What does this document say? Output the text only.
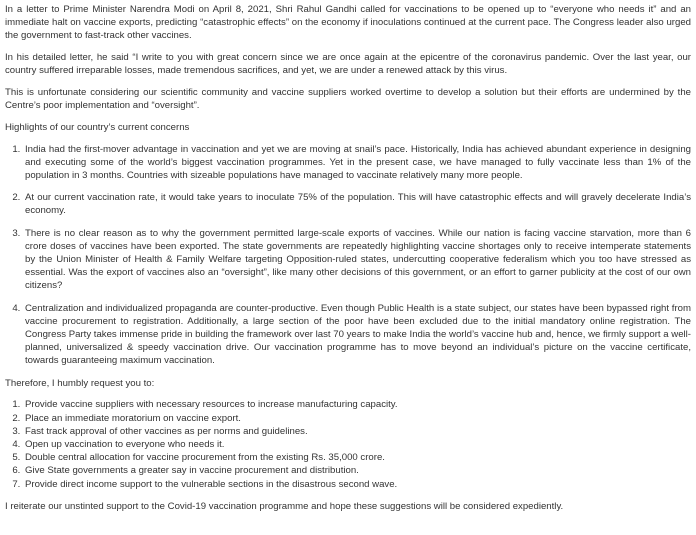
In a letter to Prime Minister Narendra Modi on April 8, 2021, Shri Rahul Gandhi called for vaccinations to be opened up to “everyone who needs it” and an immediate halt on vaccine exports, predicting “catastrophic effects” on the economy if inoculations continued at the current pace. The Congress leader also urged the government to fast-track other vaccines.

In his detailed letter, he said “I write to you with great concern since we are once again at the epicentre of the coronavirus pandemic. Over the last year, our country suffered irreparable losses, made tremendous sacrifices, and yet, we are under a renewed attack by this virus.

This is unfortunate considering our scientific community and vaccine suppliers worked overtime to develop a solution but their efforts are undermined by the Centre’s poor implementation and “oversight”.

Highlights of our country’s current concerns

1. India had the first-mover advantage in vaccination and yet we are moving at snail’s pace. Historically, India has achieved abundant experience in designing and executing some of the world’s biggest vaccination programmes. Yet in the present case, we have managed to fully vaccinate less than 1% of the population in 3 months. Countries with sizeable populations have managed to vaccinate relatively many more people.
2. At our current vaccination rate, it would take years to inoculate 75% of the population. This will have catastrophic effects and will gravely decelerate India’s economy.
3. There is no clear reason as to why the government permitted large-scale exports of vaccines. While our nation is facing vaccine starvation, more than 6 crore doses of vaccines have been exported. The state governments are repeatedly highlighting vaccine shortages only to receive intemperate statements by the Union Minister of Health & Family Welfare targeting Opposition-ruled states, undercutting cooperative federalism which you too have stressed as essential. Was the export of vaccines also an “oversight”, like many other decisions of this government, or an effort to garner publicity at the cost of our own citizens?
4. Centralization and individualized propaganda are counter-productive. Even though Public Health is a state subject, our states have been bypassed right from vaccine procurement to registration. Additionally, a large section of the poor have been excluded due to the initial mandatory online registration. The Congress Party takes immense pride in building the framework over last 70 years to make India the world’s vaccine hub and, hence, we firmly support a well-planned, universalized & speedy vaccination drive. Our vaccination programme has to move beyond an individual’s picture on the vaccine certificate, towards guaranteeing maximum vaccination.

Therefore, I humbly request you to:

1. Provide vaccine suppliers with necessary resources to increase manufacturing capacity.
2. Place an immediate moratorium on vaccine export.
3. Fast track approval of other vaccines as per norms and guidelines.
4. Open up vaccination to everyone who needs it.
5. Double central allocation for vaccine procurement from the existing Rs. 35,000 crore.
6. Give State governments a greater say in vaccine procurement and distribution.
7. Provide direct income support to the vulnerable sections in the disastrous second wave.

I reiterate our unstinted support to the Covid-19 vaccination programme and hope these suggestions will be considered expediently.
